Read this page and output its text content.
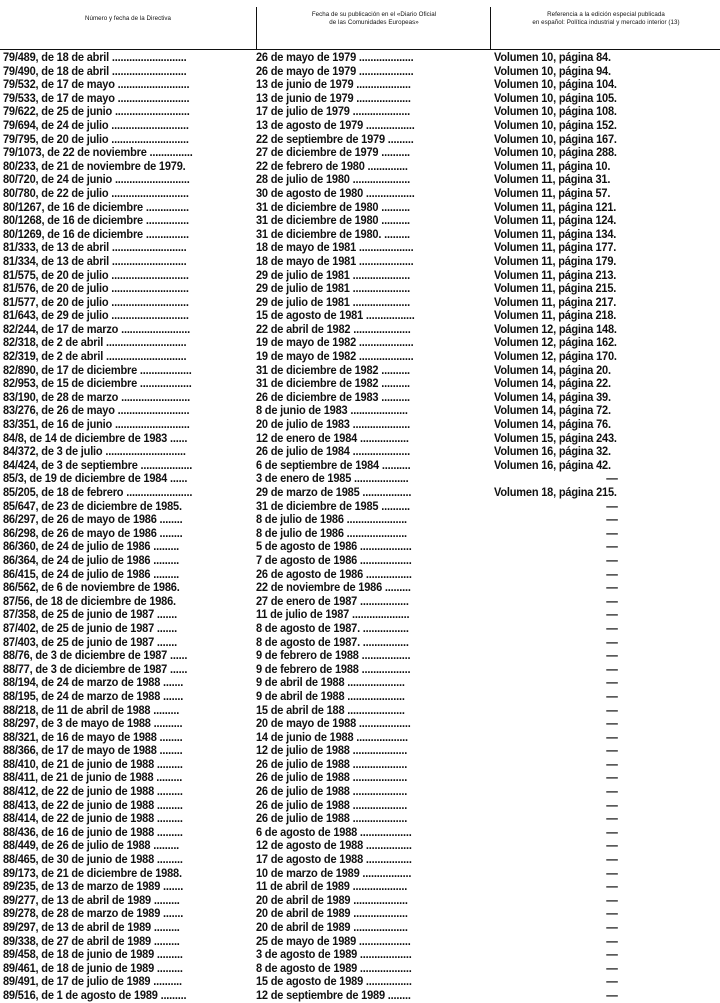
Número y fecha de la Directiva
Fecha de su publicación en el «Diario Oficial
de las Comunidades Europeas»
Referencia a la edición especial publicada
en español: Política industrial y mercado interior (13)
79/489, de 18 de abril ..........................	26 de mayo de 1979 ...................	Volumen 10, página 84.
79/490, de 18 de abril ..........................	26 de mayo de 1979 ...................	Volumen 10, página 94.
79/532, de 17 de mayo .........................	13 de junio de 1979 ...................	Volumen 10, página 104.
79/533, de 17 de mayo .........................	13 de junio de 1979 ...................	Volumen 10, página 105.
79/622, de 25 de junio ..........................	17 de julio de 1979 ....................	Volumen 10, página 108.
79/694, de 24 de julio ...........................	13 de agosto de 1979 .................	Volumen 10, página 152.
79/795, de 20 de julio ...........................	22 de septiembre de 1979 .........	Volumen 10, página 167.
79/1073, de 22 de noviembre ...............	27 de diciembre de 1979 ..........	Volumen 10, página 288.
80/233, de 21 de noviembre de 1979.	22 de febrero de 1980 ..............	Volumen 11, página 10.
80/720, de 24 de junio ..........................	28 de julio de 1980 ....................	Volumen 11, página 31.
80/780, de 22 de julio ...........................	30 de agosto de 1980 .................	Volumen 11, página 57.
80/1267, de 16 de diciembre ...............	31 de diciembre de 1980 ..........	Volumen 11, página 121.
80/1268, de 16 de diciembre ...............	31 de diciembre de 1980 ..........	Volumen 11, página 124.
80/1269, de 16 de diciembre ...............	31 de diciembre de 1980. .........	Volumen 11, página 134.
81/333, de 13 de abril ..........................	18 de mayo de 1981 ...................	Volumen 11, página 177.
81/334, de 13 de abril ..........................	18 de mayo de 1981 ...................	Volumen 11, página 179.
81/575, de 20 de julio ...........................	29 de julio de 1981 ....................	Volumen 11, página 213.
81/576, de 20 de julio ...........................	29 de julio de 1981 ....................	Volumen 11, página 215.
81/577, de 20 de julio ...........................	29 de julio de 1981 ....................	Volumen 11, página 217.
81/643, de 29 de julio ...........................	15 de agosto de 1981 .................	Volumen 11, página 218.
82/244, de 17 de marzo ........................	22 de abril de 1982 ....................	Volumen 12, página 148.
82/318, de 2 de abril ............................	19 de mayo de 1982 ...................	Volumen 12, página 162.
82/319, de 2 de abril ............................	19 de mayo de 1982 ...................	Volumen 12, página 170.
82/890, de 17 de diciembre ..................	31 de diciembre de 1982 ..........	Volumen 14, página 20.
82/953, de 15 de diciembre ..................	31 de diciembre de 1982 ..........	Volumen 14, página 22.
83/190, de 28 de marzo ........................	26 de diciembre de 1983 ..........	Volumen 14, página 39.
83/276, de 26 de mayo .........................	8 de junio de 1983 ....................	Volumen 14, página 72.
83/351, de 16 de junio ..........................	20 de julio de 1983 ....................	Volumen 14, página 76.
84/8, de 14 de diciembre de 1983 ......	12 de enero de 1984 .................	Volumen 15, página 243.
84/372, de 3 de julio ............................	26 de julio de 1984 ....................	Volumen 16, página 32.
84/424, de 3 de septiembre ..................	6 de septiembre de 1984 ..........	Volumen 16, página 42.
85/3, de 19 de diciembre de 1984 ......	3 de enero de 1985 ...................	—
85/205, de 18 de febrero .......................	29 de marzo de 1985 .................	Volumen 18, página 215.
85/647, de 23 de diciembre de 1985.	31 de diciembre de 1985 ..........	—
86/297, de 26 de mayo de 1986 ........	8 de julio de 1986 .....................	—
86/298, de 26 de mayo de 1986 ........	8 de julio de 1986 .....................	—
86/360, de 24 de julio de 1986 .........	5 de agosto de 1986 ..................	—
86/364, de 24 de julio de 1986 .........	7 de agosto de 1986 ..................	—
86/415, de 24 de julio de 1986 .........	26 de agosto de 1986 ................	—
86/562, de 6 de noviembre de 1986.	22 de noviembre de 1986 .........	—
87/56, de 18 de diciembre de 1986.	27 de enero de 1987 .................	—
87/358, de 25 de junio de 1987 .......	11 de julio de 1987 ....................	—
87/402, de 25 de junio de 1987 .......	8 de agosto de 1987. ................	—
87/403, de 25 de junio de 1987 .......	8 de agosto de 1987. ................	—
88/76, de 3 de diciembre de 1987 ......	9 de febrero de 1988 .................	—
88/77, de 3 de diciembre de 1987 ......	9 de febrero de 1988 .................	—
88/194, de 24 de marzo de 1988 .......	9 de abril de 1988 ....................	—
88/195, de 24 de marzo de 1988 .......	9 de abril de 1988 ....................	—
88/218, de 11 de abril de 1988 .........	15 de abril de 188 ....................	—
88/297, de 3 de mayo de 1988 ..........	20 de mayo de 1988 ..................	—
88/321, de 16 de mayo de 1988 ........	14 de junio de 1988 ..................	—
88/366, de 17 de mayo de 1988 ........	12 de julio de 1988 ...................	—
88/410, de 21 de junio de 1988 .........	26 de julio de 1988 ...................	—
88/411, de 21 de junio de 1988 .........	26 de julio de 1988 ...................	—
88/412, de 22 de junio de 1988 .........	26 de julio de 1988 ...................	—
88/413, de 22 de junio de 1988 .........	26 de julio de 1988 ...................	—
88/414, de 22 de junio de 1988 .........	26 de julio de 1988 ...................	—
88/436, de 16 de junio de 1988 .........	6 de agosto de 1988 ..................	—
88/449, de 26 de julio de 1988 .........	12 de agosto de 1988 ................	—
88/465, de 30 de junio de 1988 .........	17 de agosto de 1988 ................	—
89/173, de 21 de diciembre de 1988.	10 de marzo de 1989 .................	—
89/235, de 13 de marzo de 1989 .......	11 de abril de 1989 ...................	—
89/277, de 13 de abril de 1989 .........	20 de abril de 1989 ...................	—
89/278, de 28 de marzo de 1989 .......	20 de abril de 1989 ...................	—
89/297, de 13 de abril de 1989 .........	20 de abril de 1989 ...................	—
89/338, de 27 de abril de 1989 .........	25 de mayo de 1989 ..................	—
89/458, de 18 de junio de 1989 .........	3 de agosto de 1989 ..................	—
89/461, de 18 de junio de 1989 .........	8 de agosto de 1989 ..................	—
89/491, de 17 de julio de 1989 ..........	15 de agosto de 1989 ................	—
89/516, de 1 de agosto de 1989 .........	12 de septiembre de 1989 ........	—
